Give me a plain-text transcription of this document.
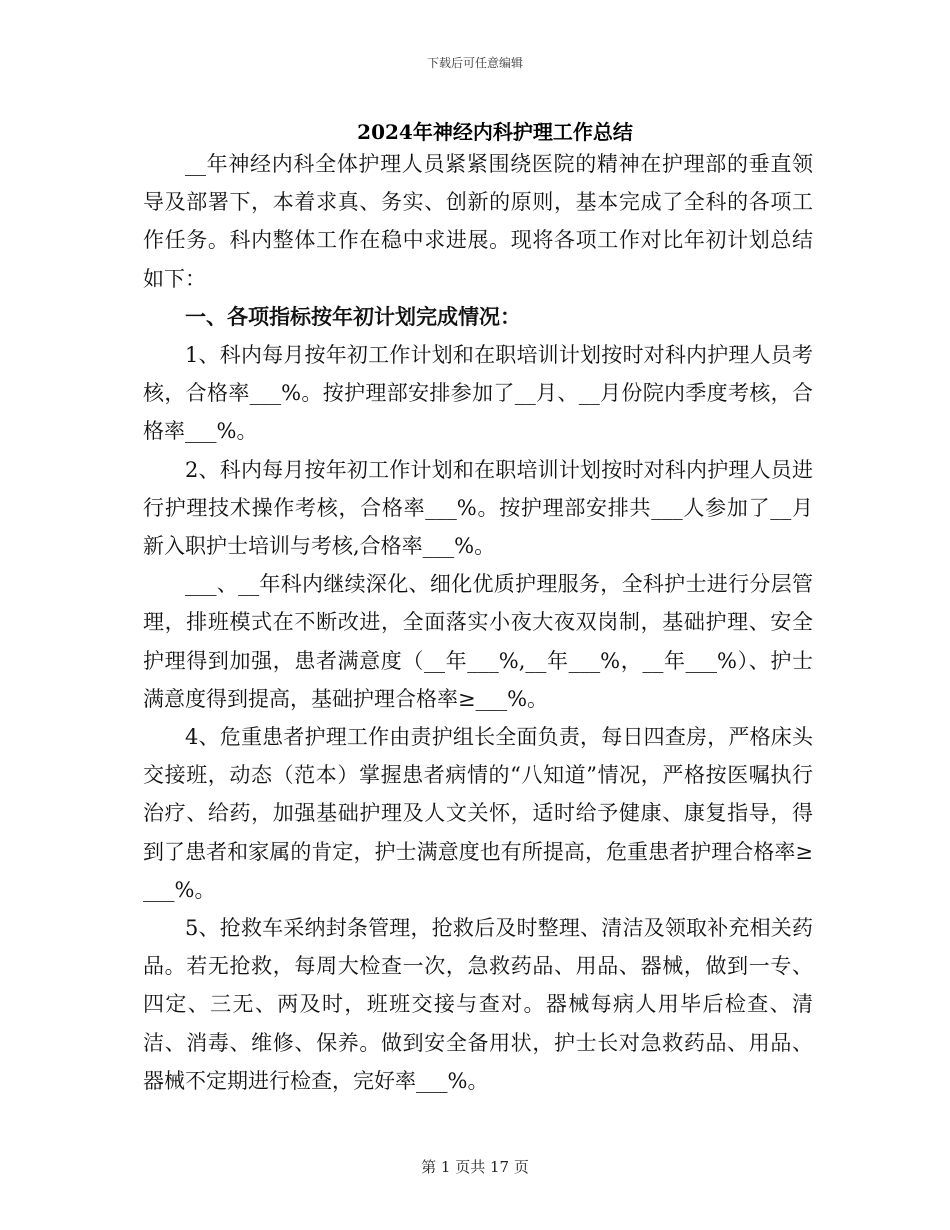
下载后可任意编辑
2024年神经内科护理工作总结

__年神经内科全体护理人员紧紧围绕医院的精神在护理部的垂直领导及部署下，本着求真、务实、创新的原则，基本完成了全科的各项工作任务。科内整体工作在稳中求进展。现将各项工作对比年初计划总结如下：

一、各项指标按年初计划完成情况：

1、科内每月按年初工作计划和在职培训计划按时对科内护理人员考核，合格率___%。按护理部安排参加了__月、__月份院内季度考核，合格率___%。

2、科内每月按年初工作计划和在职培训计划按时对科内护理人员进行护理技术操作考核，合格率___%。按护理部安排共___人参加了__月新入职护士培训与考核,合格率___%。

___、__年科内继续深化、细化优质护理服务，全科护士进行分层管理，排班模式在不断改进，全面落实小夜大夜双岗制，基础护理、安全护理得到加强，患者满意度（__年___%,__年___%，__年___%）、护士满意度得到提高，基础护理合格率≥___%。

4、危重患者护理工作由责护组长全面负责，每日四查房，严格床头交接班，动态（范本）掌握患者病情的“八知道”情况，严格按医嘱执行治疗、给药，加强基础护理及人文关怀，适时给予健康、康复指导，得到了患者和家属的肯定，护士满意度也有所提高，危重患者护理合格率≥___%。

5、抢救车采纳封条管理，抢救后及时整理、清洁及领取补充相关药品。若无抢救，每周大检查一次，急救药品、用品、器械，做到一专、四定、三无、两及时，班班交接与查对。器械每病人用毕后检查、清洁、消毒、维修、保养。做到安全备用状，护士长对急救药品、用品、器械不定期进行检查，完好率___%。

第 1 页共 17 页
